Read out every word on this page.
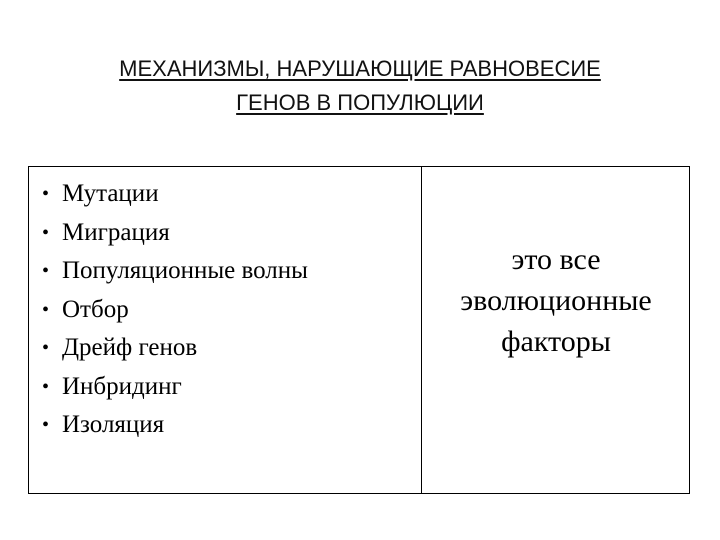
МЕХАНИЗМЫ, НАРУШАЮЩИЕ РАВНОВЕСИЕ
ГЕНОВ В ПОПУЛЮЦИИ
• Мутации
• Миграция
• Популяционные волны
• Отбор
• Дрейф генов
• Инбридинг
• Изоляция
это все
эволюционные
факторы
